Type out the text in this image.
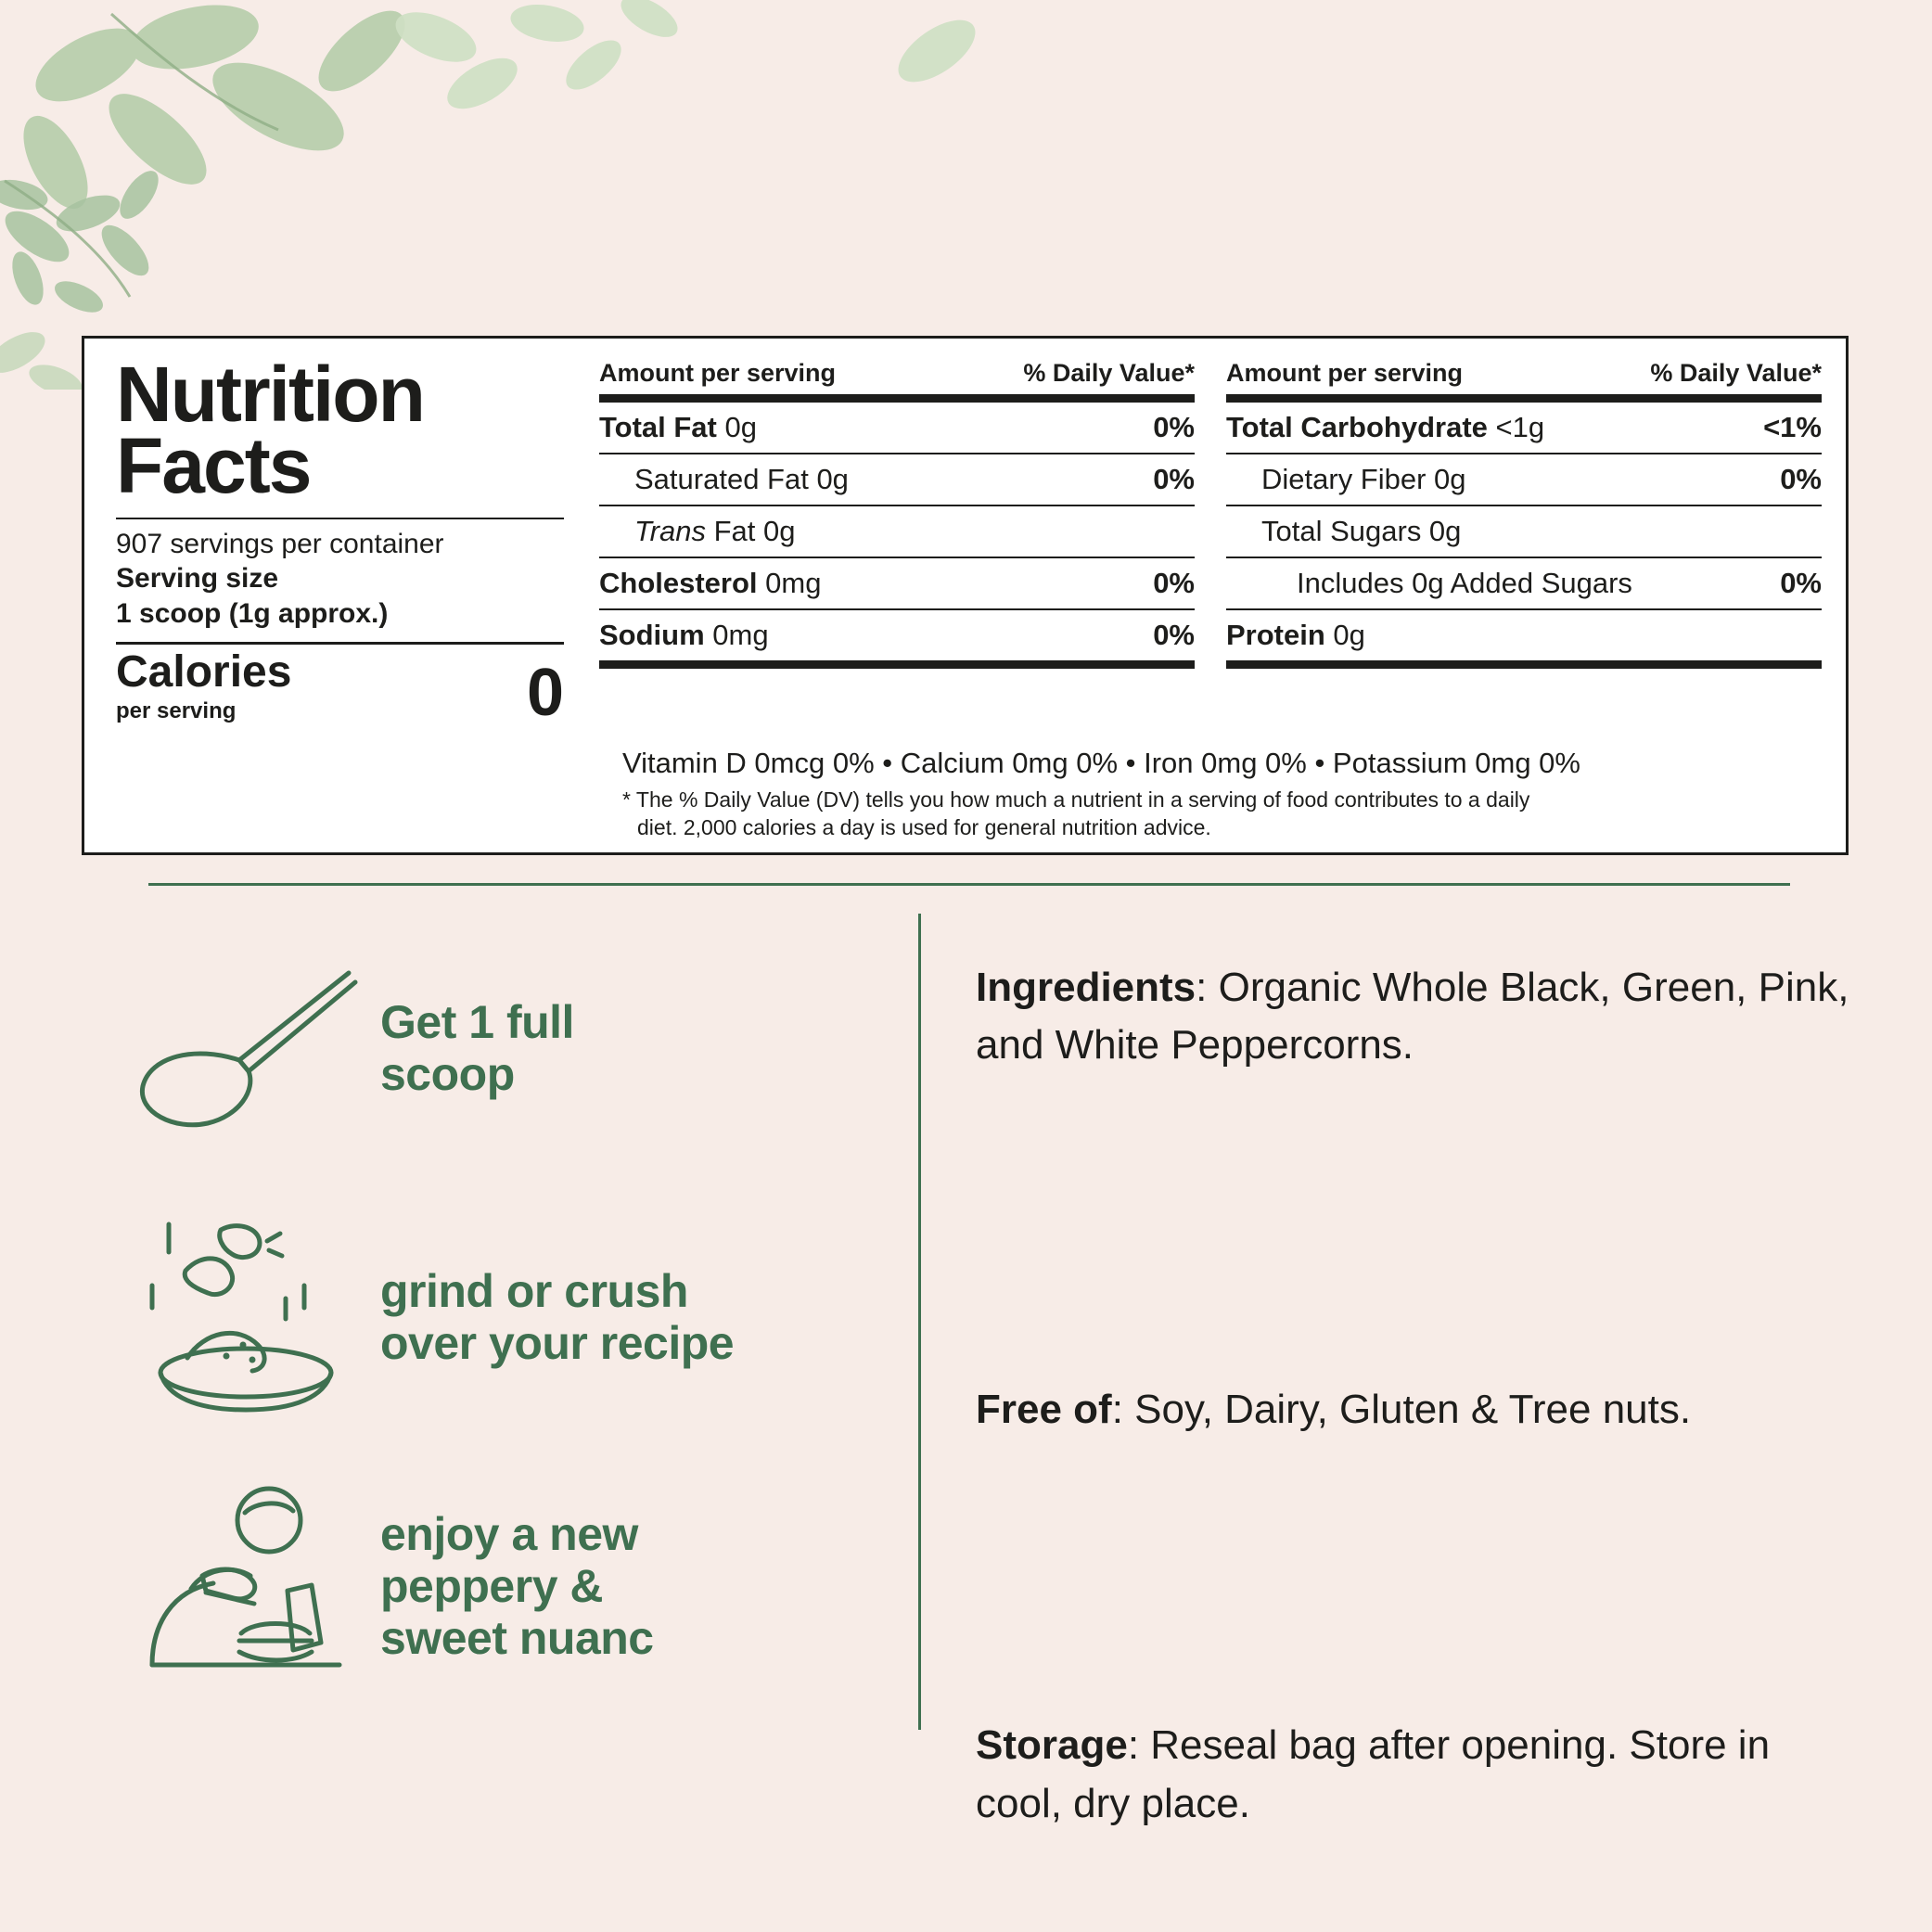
Nutrition
Facts
907 servings per container
Serving size
1 scoop (1g approx.)
Calories
per serving	0
Amount per serving	% Daily Value*
Total Fat 0g	0%
Saturated Fat 0g	0%
Trans Fat 0g
Cholesterol 0mg	0%
Sodium 0mg	0%
Amount per serving	% Daily Value*
Total Carbohydrate <1g	<1%
Dietary Fiber 0g	0%
Total Sugars 0g
Includes 0g Added Sugars	0%
Protein 0g
Vitamin D 0mcg 0% • Calcium 0mg 0% • Iron 0mg 0% • Potassium 0mg 0%
* The % Daily Value (DV) tells you how much a nutrient in a serving of food contributes to a daily
diet. 2,000 calories a day is used for general nutrition advice.
Get 1 full
scoop
grind or crush
over your recipe
enjoy a new
peppery &
sweet nuanc
Ingredients: Organic Whole Black, Green, Pink, and White Peppercorns.
Free of: Soy, Dairy, Gluten & Tree nuts.
Storage: Reseal bag after opening. Store in cool, dry place.
